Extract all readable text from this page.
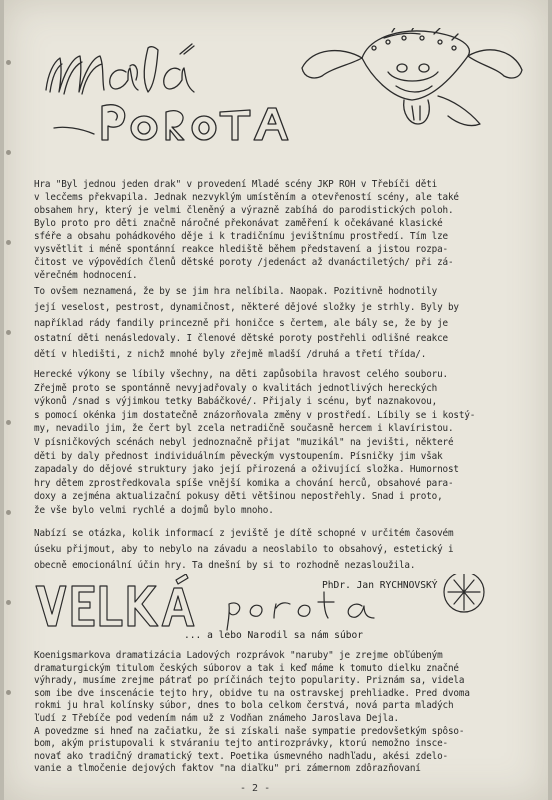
Hra "Byl jednou jeden drak" v provedení Mladé scény JKP ROH v Třebíči děti
v lecčems překvapila. Jednak nezvyklým umístěním a otevřeností scény, ale také
obsahem hry, který je velmi členěný a výrazně zabíhá do parodistických poloh.
Bylo proto pro děti značně náročné překonávat zaměření k očekávané klasické
sféře a obsahu pohádkového děje i k tradičnímu jevištnímu prostředí. Tím lze
vysvětlit i méně spontánní reakce hlediště během představení a jistou rozpa-
čitost ve výpovědích členů dětské poroty /jedenáct až dvanáctiletých/ při zá-
věrečném hodnocení.
To ovšem neznamená, že by se jim hra nelíbila. Naopak. Pozitivně hodnotily
její veselost, pestrost, dynamičnost, některé dějové složky je strhly. Byly by
například rády fandily princezně při honičce s čertem, ale bály se, že by je
ostatní děti nenásledovaly. I členové dětské poroty postřehli odlišné reakce
dětí v hledišti, z nichž mnohé byly zřejmě mladší /druhá a třetí třída/.
Herecké výkony se líbily všechny, na děti zapůsobila hravost celého souboru.
Zřejmě proto se spontánně nevyjadřovaly o kvalitách jednotlivých hereckých
výkonů /snad s výjimkou tetky Babáčkové/. Přijaly i scénu, byť naznakovou,
s pomocí okénka jim dostatečně znázorňovala změny v prostředí. Líbily se i kostý-
my, nevadilo jim, že čert byl zcela netradičně současně hercem i klavíristou.
V písničkových scénách nebyl jednoznačně přijat "muzikál" na jevišti, některé
děti by daly přednost individuálním pěveckým vystoupením. Písničky jim však
zapadaly do dějové struktury jako její přirozená a oživující složka. Humornost
hry dětem zprostředkovala spíše vnější komika a chování herců, obsahové para-
doxy a zejména aktualizační pokusy děti většinou nepostřehly. Snad i proto,
že vše bylo velmi rychlé a dojmů bylo mnoho.
Nabízí se otázka, kolik informací z jeviště je dítě schopné v určitém časovém
úseku přijmout, aby to nebylo na závadu a neoslabilo to obsahový, estetický i
obecně emocionální účin hry. Ta dnešní by si to rozhodně nezasloužila.
PhDr. Jan RYCHNOVSKÝ
... a lebo Narodil sa nám súbor
Koenigsmarkova dramatizácia Ladových rozprávok "naruby" je zrejme obľúbeným
dramaturgickým titulom českých súborov a tak i keď máme k tomuto dielku značné
výhrady, musíme zrejme pátrať po príčinách tejto popularity. Priznám sa, videla
som ibe dve inscenácie tejto hry, obidve tu na ostravskej prehliadke. Pred dvoma
rokmi ju hral kolínsky súbor, dnes to bola celkom čerstvá, nová parta mladých
ľudí z Třebíče pod vedením nám už z Vodňan známeho Jaroslava Dejla.
A povedzme si hneď na začiatku, že si získali naše sympatie predovšetkým spôso-
bom, akým pristupovali k stváraniu tejto antirozprávky, ktorú nemožno insce-
novať ako tradičný dramatický text. Poetika úsmevného nadhľadu, akési zdelo-
vanie a tlmočenie dejových faktov "na diaľku" pri zámernom zdôrazňovaní
- 2 -
